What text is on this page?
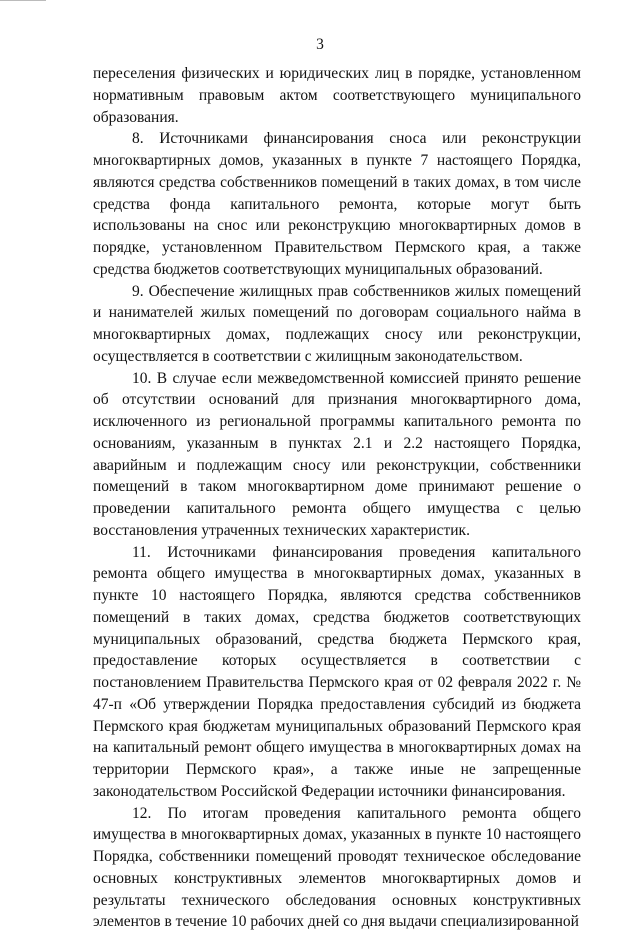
3

переселения физических и юридических лиц в порядке, установленном нормативным правовым актом соответствующего муниципального образования.

8. Источниками финансирования сноса или реконструкции многоквартирных домов, указанных в пункте 7 настоящего Порядка, являются средства собственников помещений в таких домах, в том числе средства фонда капитального ремонта, которые могут быть использованы на снос или реконструкцию многоквартирных домов в порядке, установленном Правительством Пермского края, а также средства бюджетов соответствующих муниципальных образований.

9. Обеспечение жилищных прав собственников жилых помещений и нанимателей жилых помещений по договорам социального найма в многоквартирных домах, подлежащих сносу или реконструкции, осуществляется в соответствии с жилищным законодательством.

10. В случае если межведомственной комиссией принято решение об отсутствии оснований для признания многоквартирного дома, исключенного из региональной программы капитального ремонта по основаниям, указанным в пунктах 2.1 и 2.2 настоящего Порядка, аварийным и подлежащим сносу или реконструкции, собственники помещений в таком многоквартирном доме принимают решение о проведении капитального ремонта общего имущества с целью восстановления утраченных технических характеристик.

11. Источниками финансирования проведения капитального ремонта общего имущества в многоквартирных домах, указанных в пункте 10 настоящего Порядка, являются средства собственников помещений в таких домах, средства бюджетов соответствующих муниципальных образований, средства бюджета Пермского края, предоставление которых осуществляется в соответствии с постановлением Правительства Пермского края от 02 февраля 2022 г. № 47-п «Об утверждении Порядка предоставления субсидий из бюджета Пермского края бюджетам муниципальных образований Пермского края на капитальный ремонт общего имущества в многоквартирных домах на территории Пермского края», а также иные не запрещенные законодательством Российской Федерации источники финансирования.

12. По итогам проведения капитального ремонта общего имущества в многоквартирных домах, указанных в пункте 10 настоящего Порядка, собственники помещений проводят техническое обследование основных конструктивных элементов многоквартирных домов и результаты технического обследования основных конструктивных элементов в течение 10 рабочих дней со дня выдачи специализированной
